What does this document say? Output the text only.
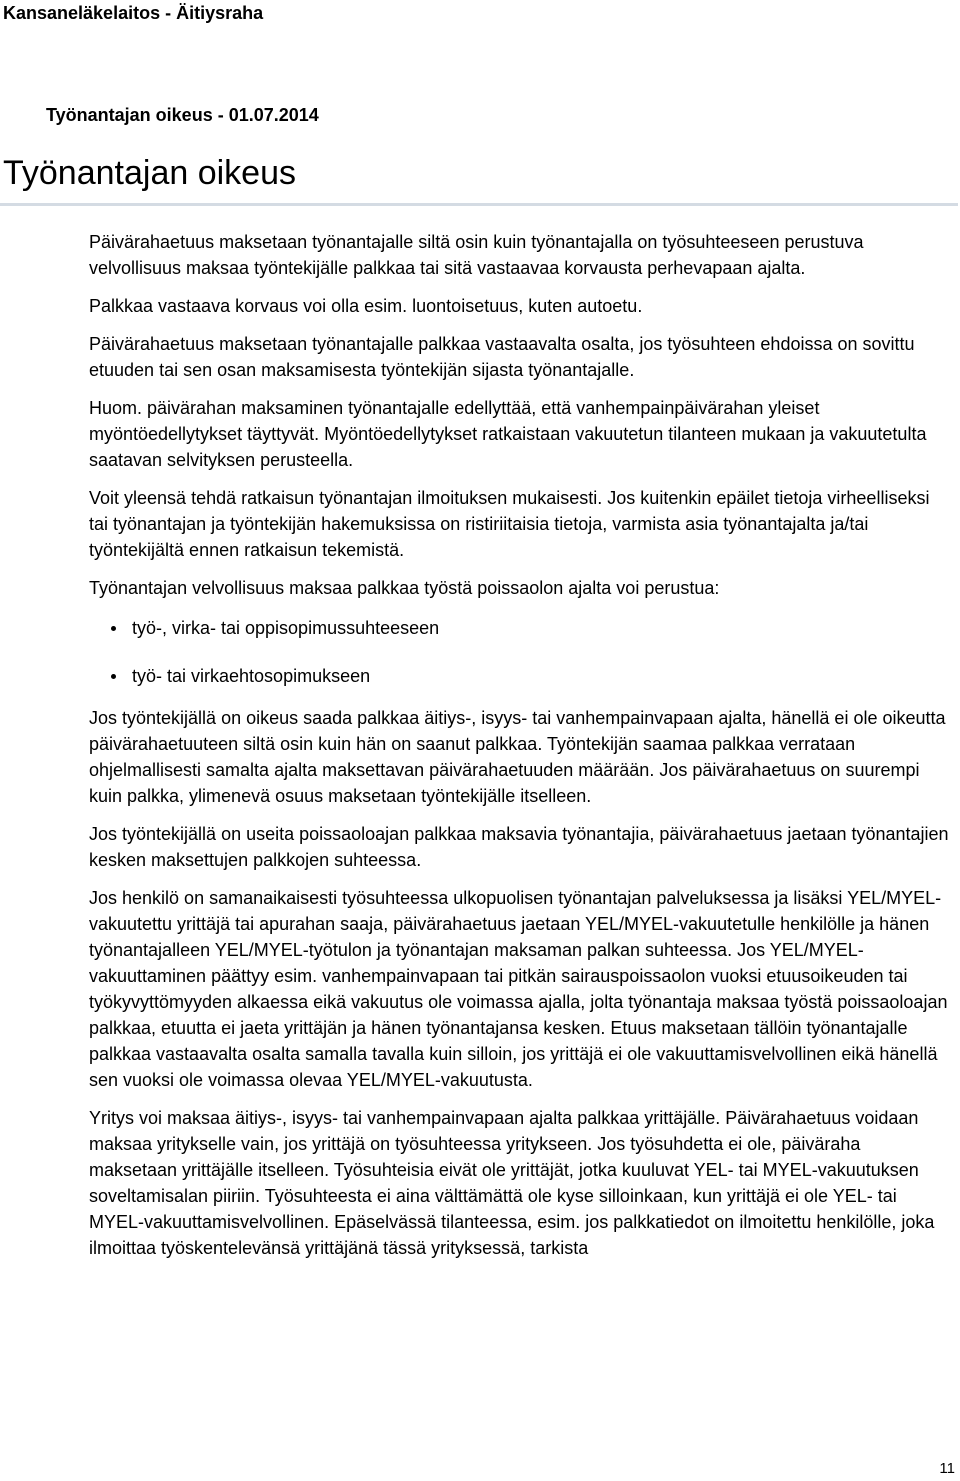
Kansaneläkelaitos - Äitiysraha
Työnantajan oikeus - 01.07.2014
Työnantajan oikeus

Päivärahaetuus maksetaan työnantajalle siltä osin kuin työnantajalla on työsuhteeseen perustuva velvollisuus maksaa työntekijälle palkkaa tai sitä vastaavaa korvausta perhevapaan ajalta.

Palkkaa vastaava korvaus voi olla esim. luontoisetuus, kuten autoetu.

Päivärahaetuus maksetaan työnantajalle palkkaa vastaavalta osalta, jos työsuhteen ehdoissa on sovittu etuuden tai sen osan maksamisesta työntekijän sijasta työnantajalle.

Huom. päivärahan maksaminen työnantajalle edellyttää, että vanhempainpäivärahan yleiset myöntöedellytykset täyttyvät. Myöntöedellytykset ratkaistaan vakuutetun tilanteen mukaan ja vakuutetulta saatavan selvityksen perusteella.

Voit yleensä tehdä ratkaisun työnantajan ilmoituksen mukaisesti. Jos kuitenkin epäilet tietoja virheelliseksi tai työnantajan ja työntekijän hakemuksissa on ristiriitaisia tietoja, varmista asia työnantajalta ja/tai työntekijältä ennen ratkaisun tekemistä.

Työnantajan velvollisuus maksaa palkkaa työstä poissaolon ajalta voi perustua:

työ-, virka- tai oppisopimussuhteeseen
työ- tai virkaehtosopimukseen

Jos työntekijällä on oikeus saada palkkaa äitiys-, isyys- tai vanhempainvapaan ajalta, hänellä ei ole oikeutta päivärahaetuuteen siltä osin kuin hän on saanut palkkaa. Työntekijän saamaa palkkaa verrataan ohjelmallisesti samalta ajalta maksettavan päivärahaetuuden määrään. Jos päivärahaetuus on suurempi kuin palkka, ylimenevä osuus maksetaan työntekijälle itselleen.

Jos työntekijällä on useita poissaoloajan palkkaa maksavia työnantajia, päivärahaetuus jaetaan työnantajien kesken maksettujen palkkojen suhteessa.

Jos henkilö on samanaikaisesti työsuhteessa ulkopuolisen työnantajan palveluksessa ja lisäksi YEL/MYEL-vakuutettu yrittäjä tai apurahan saaja, päivärahaetuus jaetaan YEL/MYEL-vakuutetulle henkilölle ja hänen työnantajalleen YEL/MYEL-työtulon ja työnantajan maksaman palkan suhteessa. Jos YEL/MYEL-vakuuttaminen päättyy esim. vanhempainvapaan tai pitkän sairauspoissaolon vuoksi etuusoikeuden tai työkyvyttömyyden alkaessa eikä vakuutus ole voimassa ajalla, jolta työnantaja maksaa työstä poissaoloajan palkkaa, etuutta ei jaeta yrittäjän ja hänen työnantajansa kesken. Etuus maksetaan tällöin työnantajalle palkkaa vastaavalta osalta samalla tavalla kuin silloin, jos yrittäjä ei ole vakuuttamisvelvollinen eikä hänellä sen vuoksi ole voimassa olevaa YEL/MYEL-vakuutusta.

Yritys voi maksaa äitiys-, isyys- tai vanhempainvapaan ajalta palkkaa yrittäjälle. Päivärahaetuus voidaan maksaa yritykselle vain, jos yrittäjä on työsuhteessa yritykseen. Jos työsuhdetta ei ole, päiväraha maksetaan yrittäjälle itselleen. Työsuhteisia eivät ole yrittäjät, jotka kuuluvat YEL- tai MYEL-vakuutuksen soveltamisalan piiriin. Työsuhteesta ei aina välttämättä ole kyse silloinkaan, kun yrittäjä ei ole YEL- tai MYEL-vakuuttamisvelvollinen. Epäselvässä tilanteessa, esim. jos palkkatiedot on ilmoitettu henkilölle, joka ilmoittaa työskentelevänsä yrittäjänä tässä yrityksessä, tarkista

11
